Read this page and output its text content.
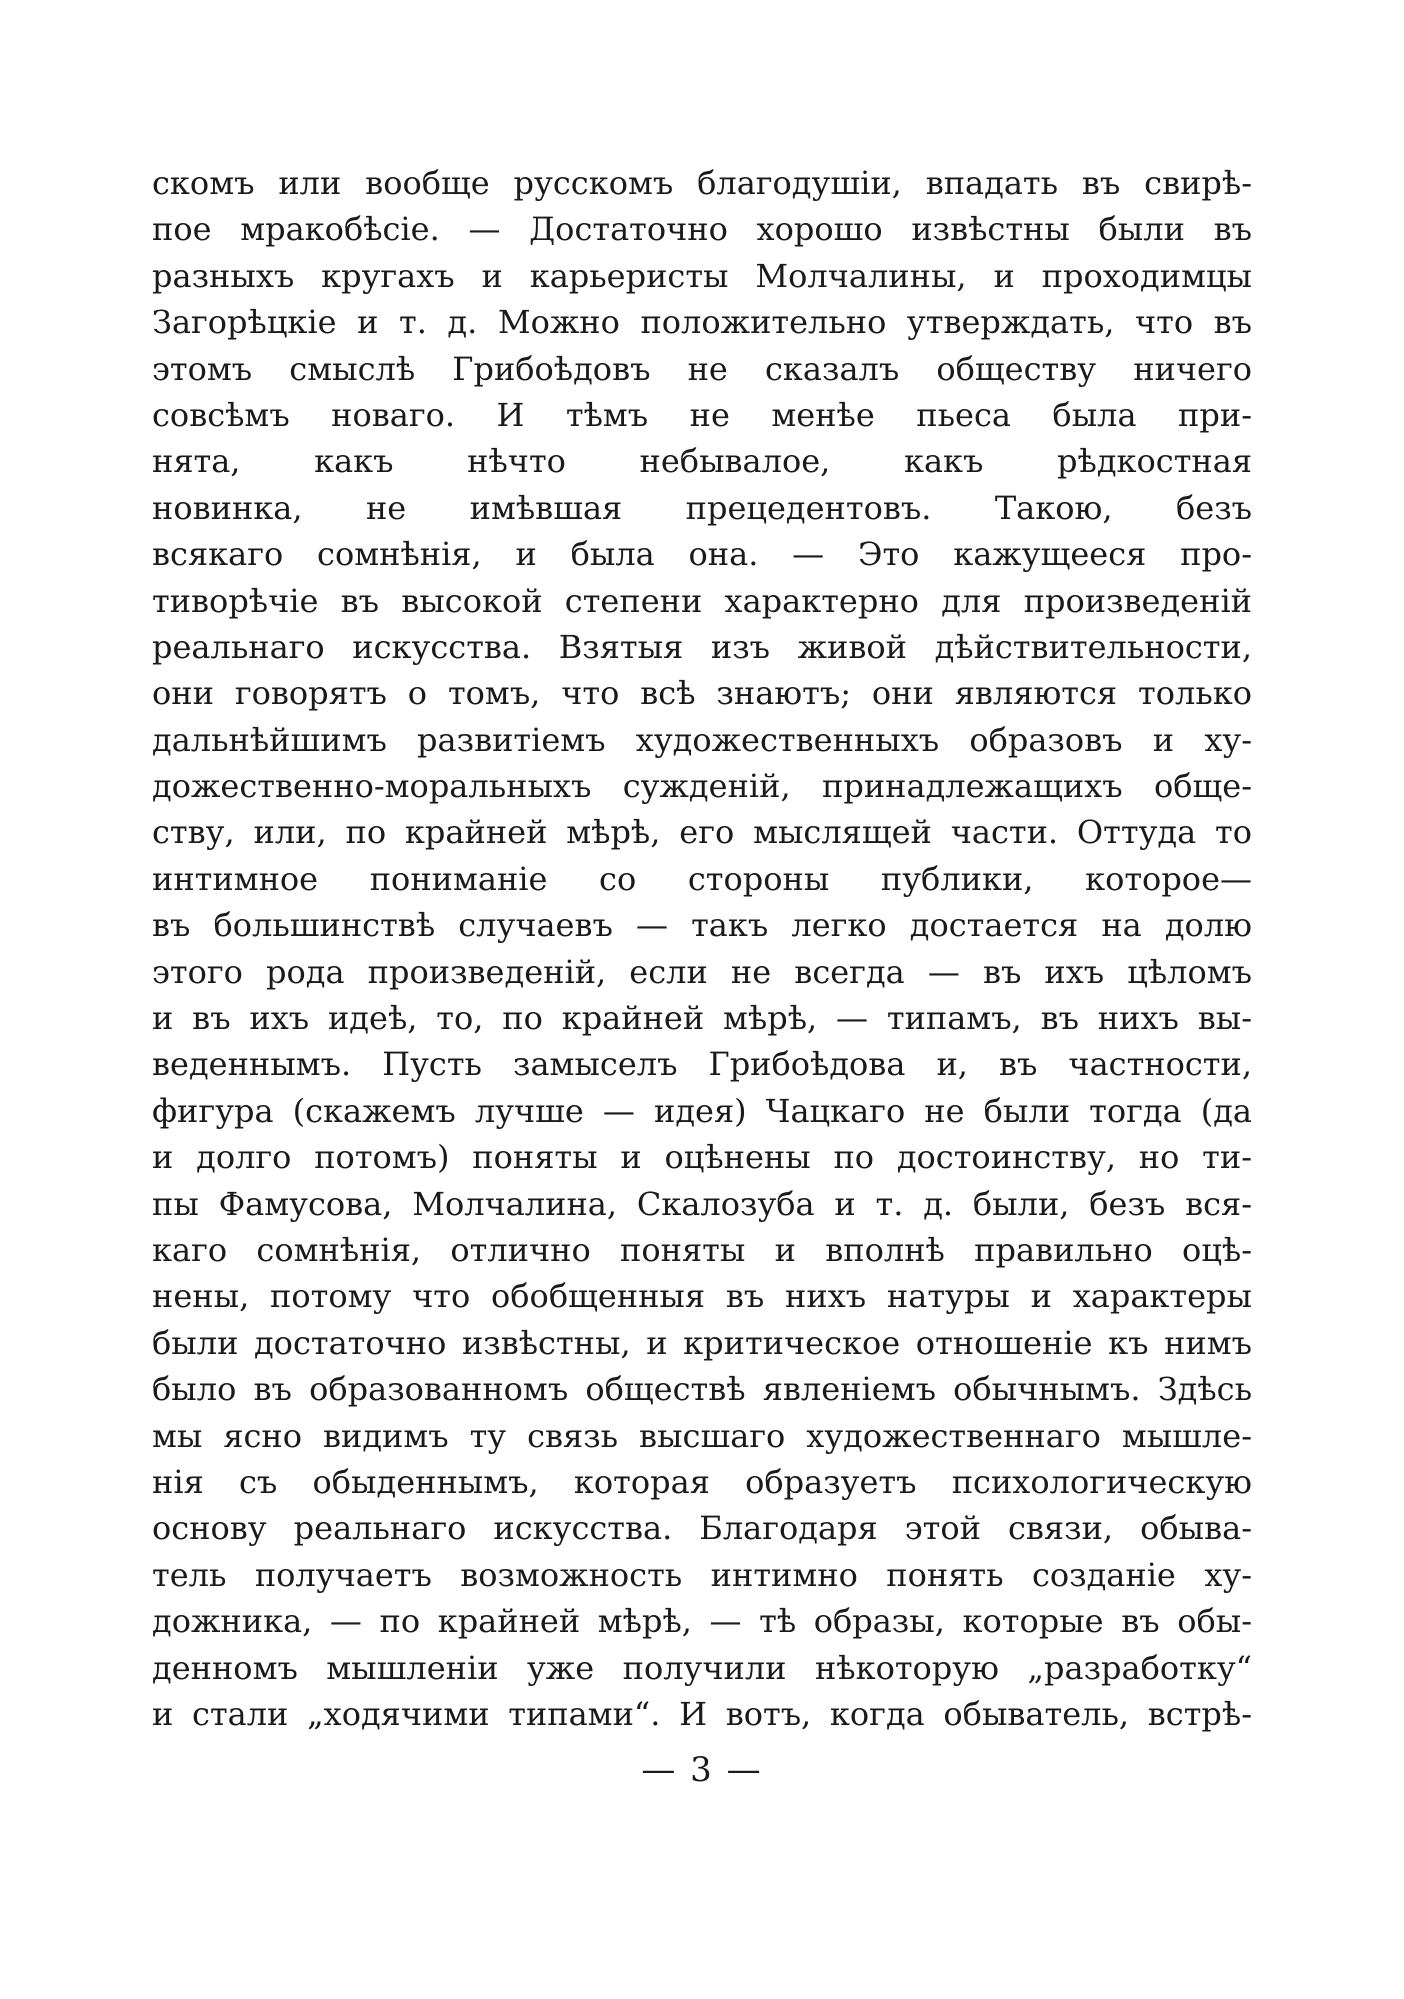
скомъ или вообще русскомъ благодушіи, впадать въ свирѣ-
пое мракобѣсіе. — Достаточно хорошо извѣстны были въ
разныхъ кругахъ и карьеристы Молчалины, и проходимцы
Загорѣцкіе и т. д. Можно положительно утверждать, что въ
этомъ смыслѣ Грибоѣдовъ не сказалъ обществу ничего
совсѣмъ новаго. И тѣмъ не менѣе пьеса была при-
нята, какъ нѣчто небывалое, какъ рѣдкостная
новинка, не имѣвшая прецедентовъ. Такою, безъ
всякаго сомнѣнія, и была она. — Это кажущееся про-
тиворѣчіе въ высокой степени характерно для произведеній
реальнаго искусства. Взятыя изъ живой дѣйствительности,
они говорятъ о томъ, что всѣ знаютъ; они являются только
дальнѣйшимъ развитіемъ художественныхъ образовъ и ху-
дожественно-моральныхъ сужденій, принадлежащихъ обще-
ству, или, по крайней мѣрѣ, его мыслящей части. Оттуда то
интимное пониманіе со стороны публики, которое—
въ большинствѣ случаевъ — такъ легко достается на долю
этого рода произведеній, если не всегда — въ ихъ цѣломъ
и въ ихъ идеѣ, то, по крайней мѣрѣ, — типамъ, въ нихъ вы-
веденнымъ. Пусть замыселъ Грибоѣдова и, въ частности,
фигура (скажемъ лучше — идея) Чацкаго не были тогда (да
и долго потомъ) поняты и оцѣнены по достоинству, но ти-
пы Фамусова, Молчалина, Скалозуба и т. д. были, безъ вся-
каго сомнѣнія, отлично поняты и вполнѣ правильно оцѣ-
нены, потому что обобщенныя въ нихъ натуры и характеры
были достаточно извѣстны, и критическое отношеніе къ нимъ
было въ образованномъ обществѣ явленіемъ обычнымъ. Здѣсь
мы ясно видимъ ту связь высшаго художественнаго мышле-
нія съ обыденнымъ, которая образуетъ психологическую
основу реальнаго искусства. Благодаря этой связи, обыва-
тель получаетъ возможность интимно понять созданіе ху-
дожника, — по крайней мѣрѣ, — тѣ образы, которые въ обы-
денномъ мышленіи уже получили нѣкоторую „разработку“
и стали „ходячими типами“. И вотъ, когда обыватель, встрѣ-
— 3 —
